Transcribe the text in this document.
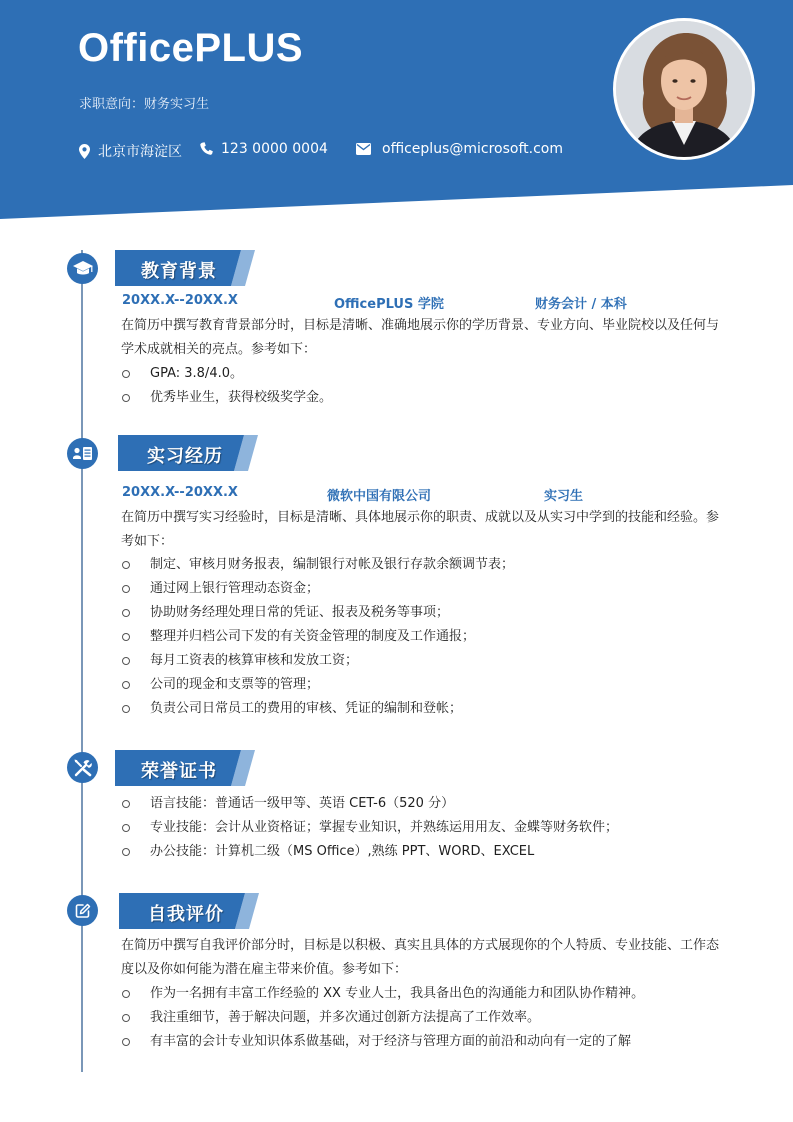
OfficePLUS
求职意向：财务实习生
北京市海淀区	123 0000 0004	officeplus@microsoft.com
教育背景
20XX.X--20XX.X	OfficePLUS 学院	财务会计 / 本科
在简历中撰写教育背景部分时，目标是清晰、准确地展示你的学历背景、专业方向、毕业院校以及任何与学术成就相关的亮点。参考如下：
GPA: 3.8/4.0。
优秀毕业生，获得校级奖学金。
实习经历
20XX.X--20XX.X	微软中国有限公司	实习生
在简历中撰写实习经验时，目标是清晰、具体地展示你的职责、成就以及从实习中学到的技能和经验。参考如下：
制定、审核月财务报表，编制银行对帐及银行存款余额调节表；
通过网上银行管理动态资金；
协助财务经理处理日常的凭证、报表及税务等事项；
整理并归档公司下发的有关资金管理的制度及工作通报；
每月工资表的核算审核和发放工资；
公司的现金和支票等的管理；
负责公司日常员工的费用的审核、凭证的编制和登帐；
荣誉证书
语言技能：普通话一级甲等、英语 CET-6（520 分）
专业技能：会计从业资格证；掌握专业知识，并熟练运用用友、金蝶等财务软件；
办公技能：计算机二级（MS Office）,熟练 PPT、WORD、EXCEL
自我评价
在简历中撰写自我评价部分时，目标是以积极、真实且具体的方式展现你的个人特质、专业技能、工作态度以及你如何能为潜在雇主带来价值。参考如下：
作为一名拥有丰富工作经验的 XX 专业人士，我具备出色的沟通能力和团队协作精神。
我注重细节，善于解决问题，并多次通过创新方法提高了工作效率。
有丰富的会计专业知识体系做基础，对于经济与管理方面的前沿和动向有一定的了解
